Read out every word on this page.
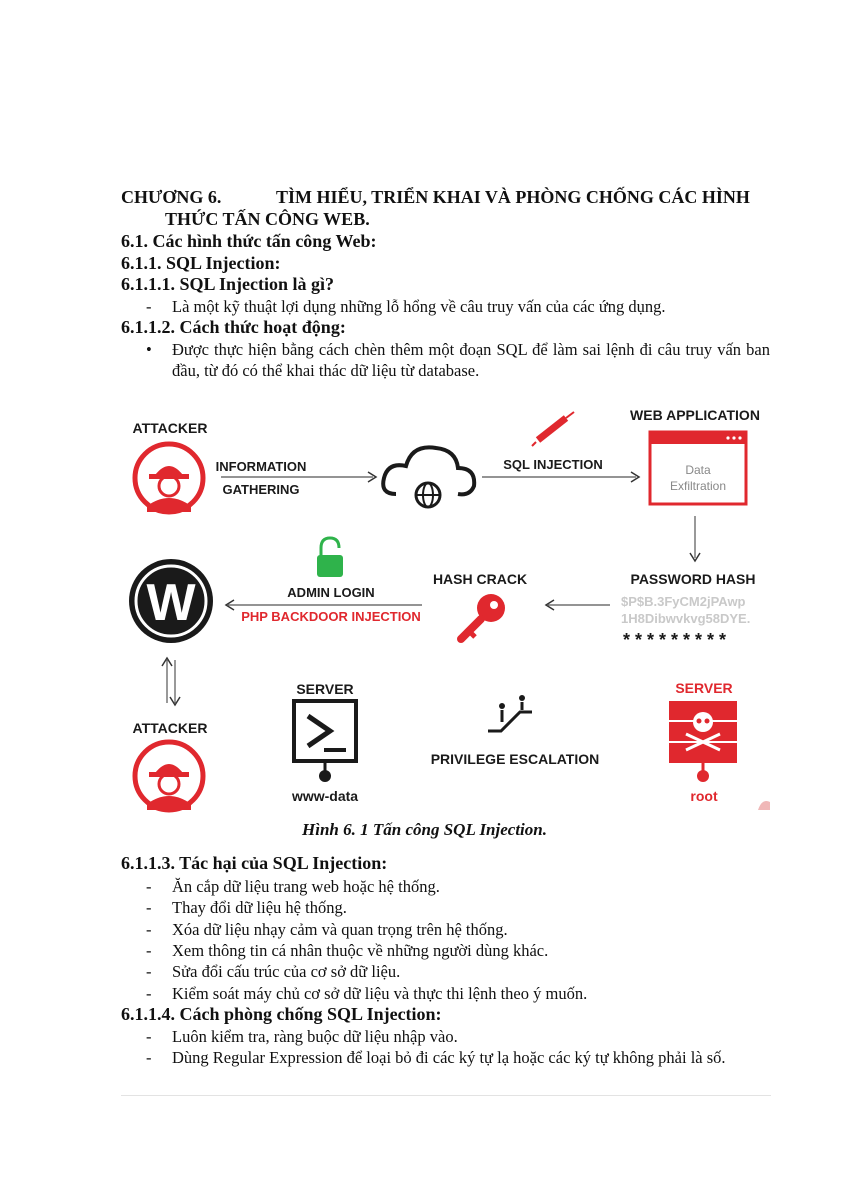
CHƯƠNG 6.	TÌM HIỂU, TRIỂN KHAI VÀ PHÒNG CHỐNG CÁC HÌNH
THỨC TẤN CÔNG WEB.
6.1. Các hình thức tấn công Web:
6.1.1. SQL Injection:
6.1.1.1. SQL Injection là gì?
- Là một kỹ thuật lợi dụng những lỗ hổng về câu truy vấn của các ứng dụng.
6.1.1.2. Cách thức hoạt động:
• Được thực hiện bằng cách chèn thêm một đoạn SQL để làm sai lệnh đi câu truy vấn ban đầu, từ đó có thể khai thác dữ liệu từ database.
ATTACKER
INFORMATION
GATHERING
SQL INJECTION
WEB APPLICATION
Data
Exfiltration
W	ADMIN LOGIN
PHP BACKDOOR INJECTION
HASH CRACK	PASSWORD HASH
$P$B.3FyCM2jPAwp
1H8Dibwvkvg58DYE.
* * * * * * * * *
ATTACKER
SERVER
www-data
PRIVILEGE ESCALATION
SERVER
root
Hình 6. 1 Tấn công SQL Injection.
6.1.1.3. Tác hại của SQL Injection:
- Ăn cắp dữ liệu trang web hoặc hệ thống.
- Thay đổi dữ liệu hệ thống.
- Xóa dữ liệu nhạy cảm và quan trọng trên hệ thống.
- Xem thông tin cá nhân thuộc về những người dùng khác.
- Sửa đổi cấu trúc của cơ sở dữ liệu.
- Kiểm soát máy chủ cơ sở dữ liệu và thực thi lệnh theo ý muốn.
6.1.1.4. Cách phòng chống SQL Injection:
- Luôn kiểm tra, ràng buộc dữ liệu nhập vào.
- Dùng Regular Expression để loại bỏ đi các ký tự lạ hoặc các ký tự không phải là số.
